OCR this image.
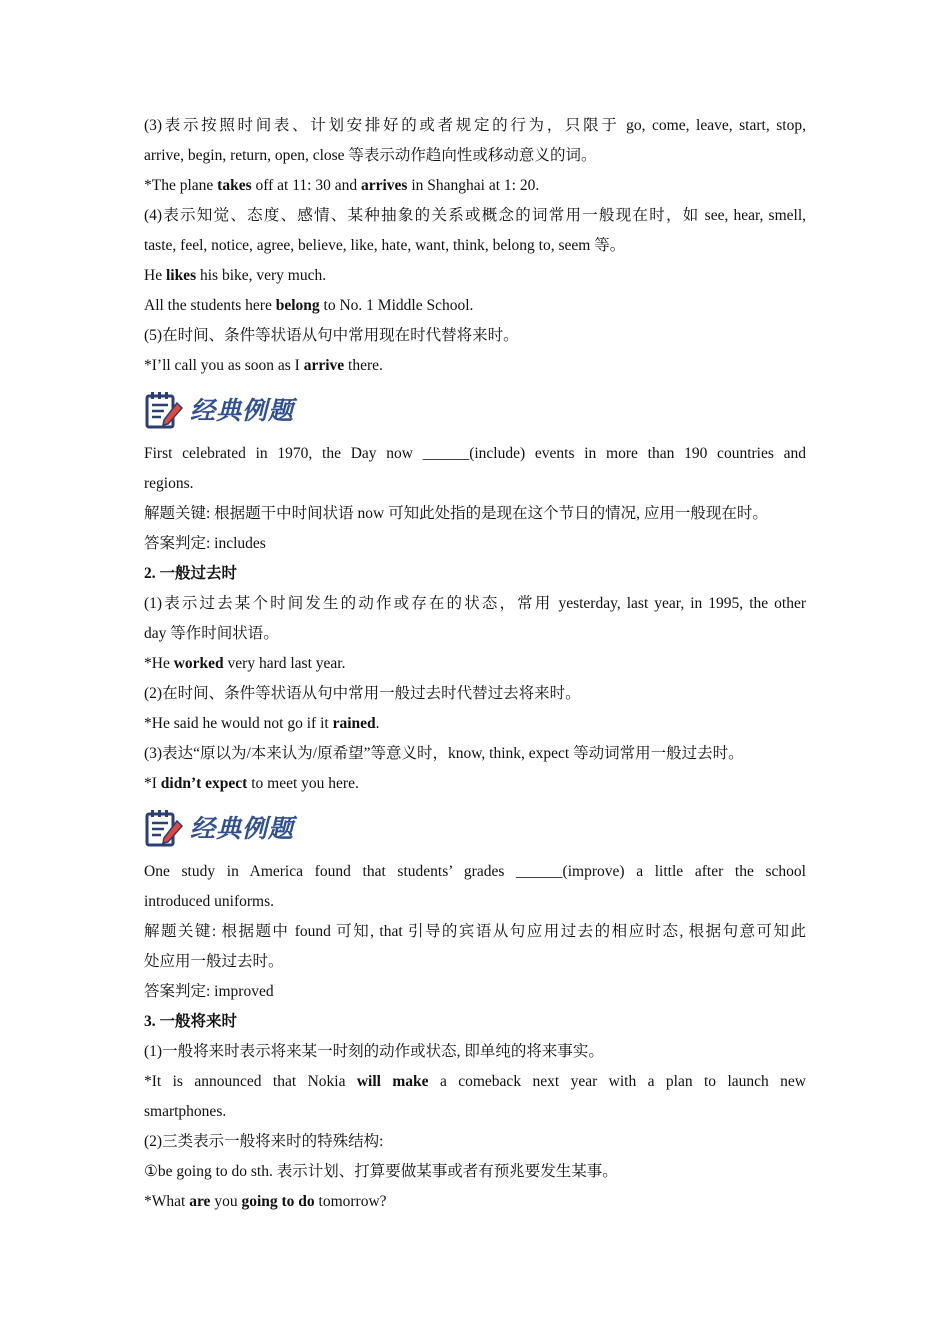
(3)表示按照时间表、计划安排好的或者规定的行为，只限于 go, come, leave, start, stop,

arrive, begin, return, open, close 等表示动作趋向性或移动意义的词。

*The plane takes off at 11: 30 and arrives in Shanghai at 1: 20.

(4)表示知觉、态度、感情、某种抽象的关系或概念的词常用一般现在时，如 see, hear, smell,

taste, feel, notice, agree, believe, like, hate, want, think, belong to, seem 等。

He likes his bike, very much.

All the students here belong to No. 1 Middle School.

(5)在时间、条件等状语从句中常用现在时代替将来时。

*I’ll call you as soon as I arrive there.

经典例题

First celebrated in 1970, the Day now ______(include) events in more than 190 countries and

regions.

解题关键: 根据题干中时间状语 now 可知此处指的是现在这个节日的情况, 应用一般现在时。

答案判定: includes

2. 一般过去时

(1)表示过去某个时间发生的动作或存在的状态，常用 yesterday, last year, in 1995, the other

day 等作时间状语。

*He worked very hard last year.

(2)在时间、条件等状语从句中常用一般过去时代替过去将来时。

*He said he would not go if it rained.

(3)表达“原以为/本来认为/原希望”等意义时，know, think, expect 等动词常用一般过去时。

*I didn’t expect to meet you here.

经典例题

One study in America found that students’ grades ______(improve) a little after the school

introduced uniforms.

解题关键: 根据题中 found 可知, that 引导的宾语从句应用过去的相应时态, 根据句意可知此

处应用一般过去时。

答案判定: improved

3. 一般将来时

(1)一般将来时表示将来某一时刻的动作或状态, 即单纯的将来事实。

*It is announced that Nokia will make a comeback next year with a plan to launch new

smartphones.

(2)三类表示一般将来时的特殊结构:

①be going to do sth. 表示计划、打算要做某事或者有预兆要发生某事。

*What are you going to do tomorrow?
